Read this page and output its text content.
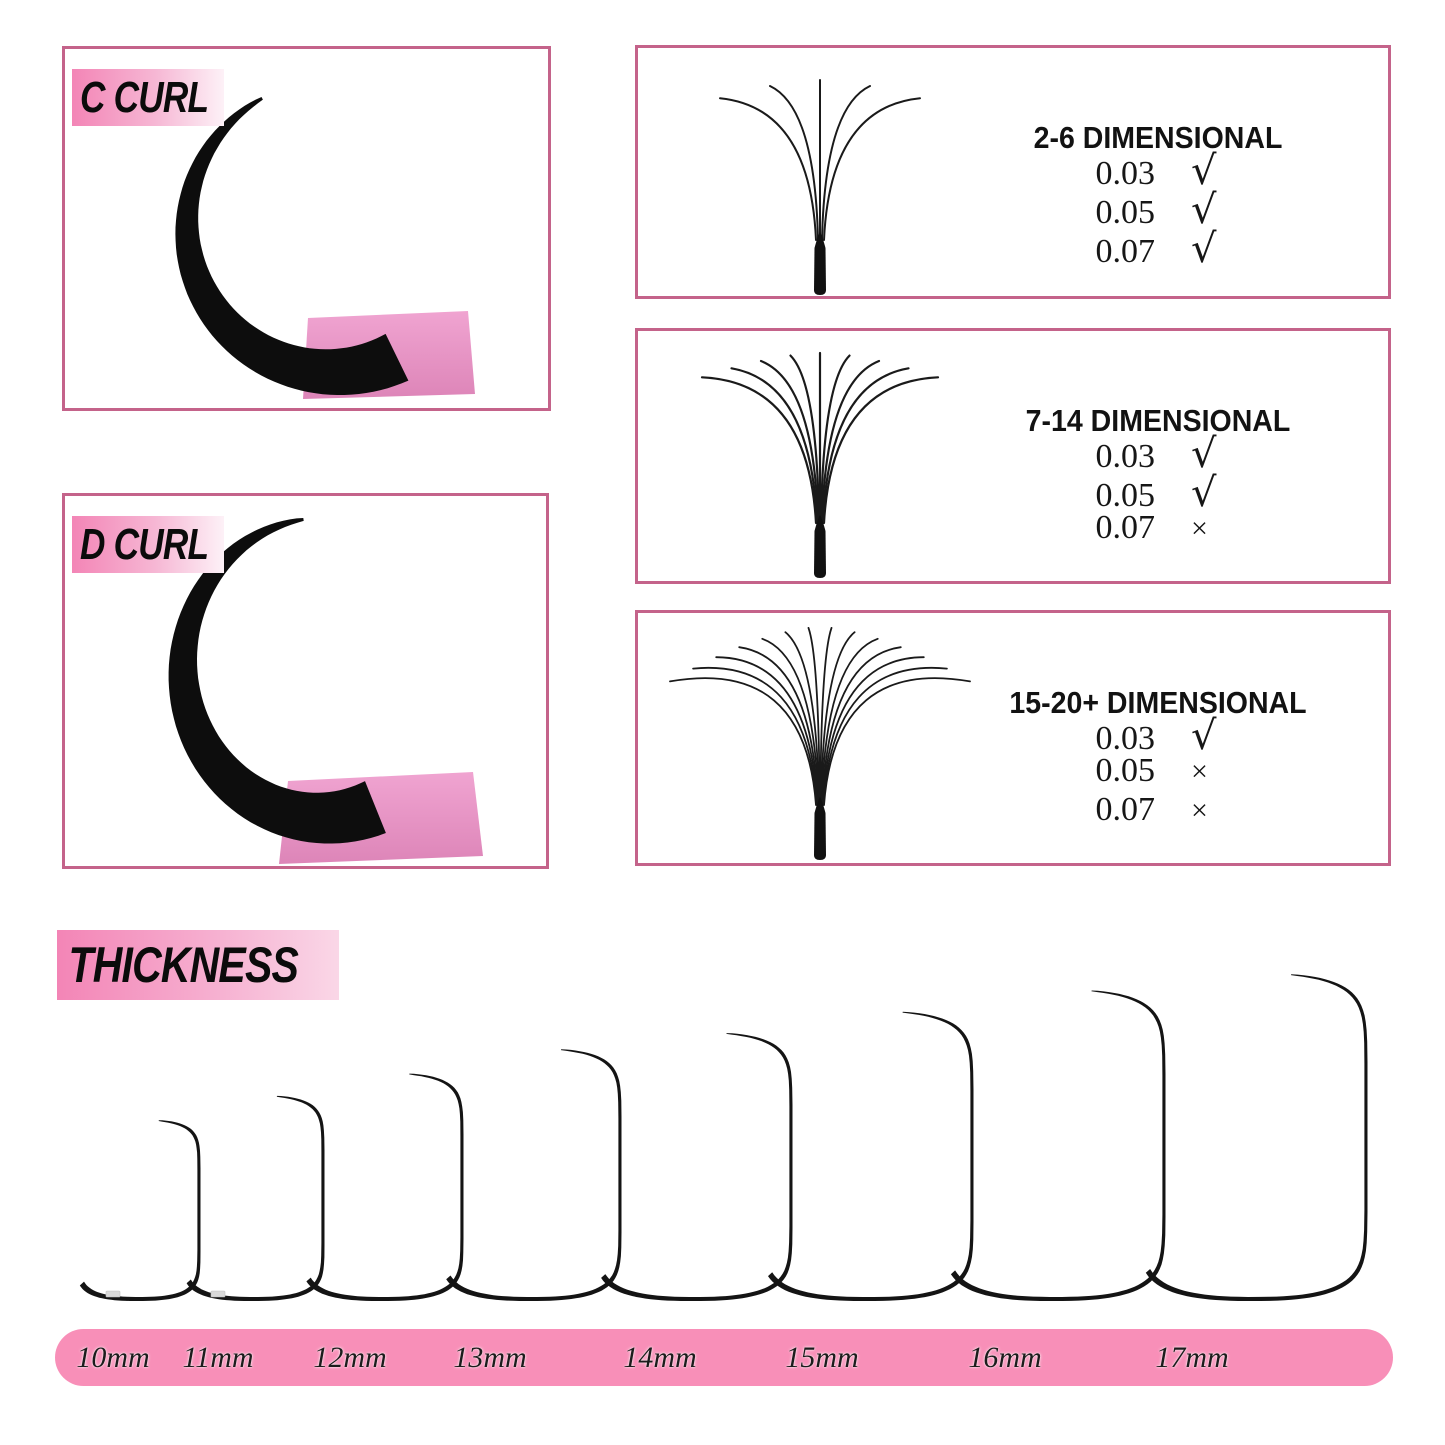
C CURL
D CURL
2-6 DIMENSIONAL
0.03 √
0.05 √
0.07 √
7-14 DIMENSIONAL
0.03 √
0.05 √
0.07 ×
15-20+ DIMENSIONAL
0.03 √
0.05 ×
0.07 ×
THICKNESS
10mm 11mm 12mm 13mm	14mm	15mm	16mm	17mm
